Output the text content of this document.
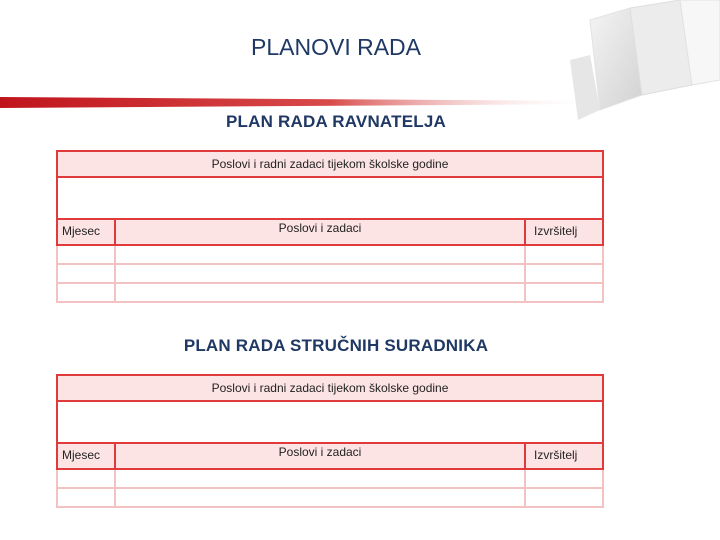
PLANOVI RADA
PLAN RADA RAVNATELJA
Poslovi i radni zadaci tijekom školske godine		

Mjesec	Poslovi i zadaci	Izvršitelj

PLAN RADA STRUČNIH SURADNIKA
Poslovi i radni zadaci tijekom školske godine		

Mjesec	Poslovi i zadaci	Izvršitelj
